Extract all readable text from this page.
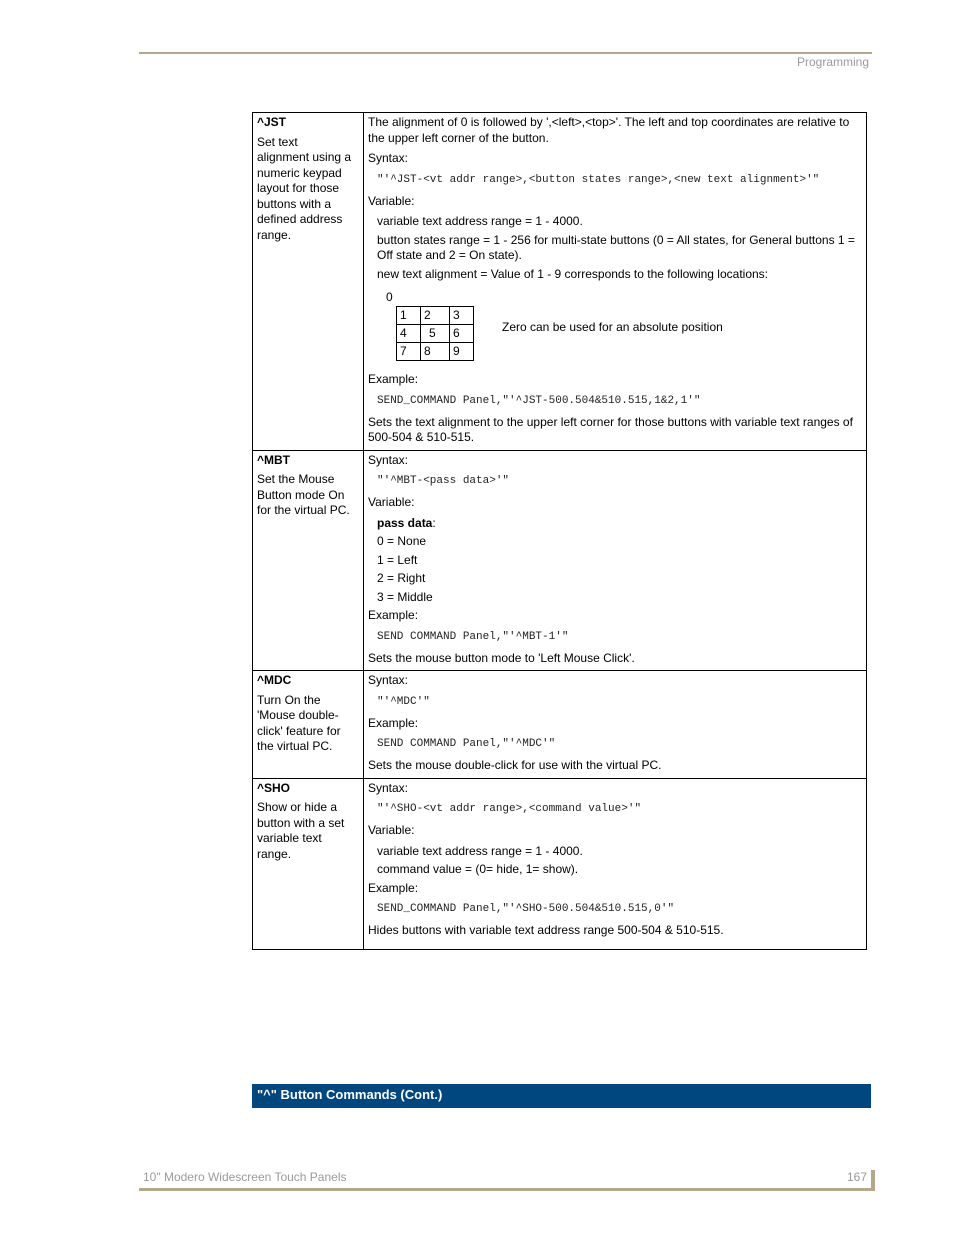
Programming
^JST
Set text
alignment using a numeric keypad layout for those buttons with a defined address range.

The alignment of 0 is followed by ',<left>,<top>'. The left and top coordinates are relative to the upper left corner of the button.

Syntax:

"'^JST-<vt addr range>,<button states range>,<new text alignment>'"

Variable:

variable text address range = 1 - 4000.

button states range = 1 - 256 for multi-state buttons (0 = All states, for General buttons 1 = Off state and 2 = On state).

new text alignment = Value of 1 - 9 corresponds to the following locations:

0
1	2	3
4	5	6
7	8	9
Zero can be used for an absolute position

Example:

SEND_COMMAND Panel,"'^JST-500.504&510.515,1&2,1'"

Sets the text alignment to the upper left corner for those buttons with variable text ranges of 500-504 & 510-515.

^MBT
Set the Mouse Button mode On for the virtual PC.

Syntax:

"'^MBT-<pass data>'"

Variable:

pass data:

0 = None

1 = Left

2 = Right

3 = Middle

Example:

SEND COMMAND Panel,"'^MBT-1'"

Sets the mouse button mode to 'Left Mouse Click'.

^MDC
Turn On the 'Mouse double-click' feature for the virtual PC.

Syntax:

"'^MDC'"

Example:

SEND COMMAND Panel,"'^MDC'"

Sets the mouse double-click for use with the virtual PC.

^SHO
Show or hide a button with a set variable text range.

Syntax:

"'^SHO-<vt addr range>,<command value>'"

Variable:

variable text address range = 1 - 4000.

command value = (0= hide, 1= show).

Example:

SEND_COMMAND Panel,"'^SHO-500.504&510.515,0'"

Hides buttons with variable text address range 500-504 & 510-515.

"^" Button Commands (Cont.)
10" Modero Widescreen Touch Panels	167
